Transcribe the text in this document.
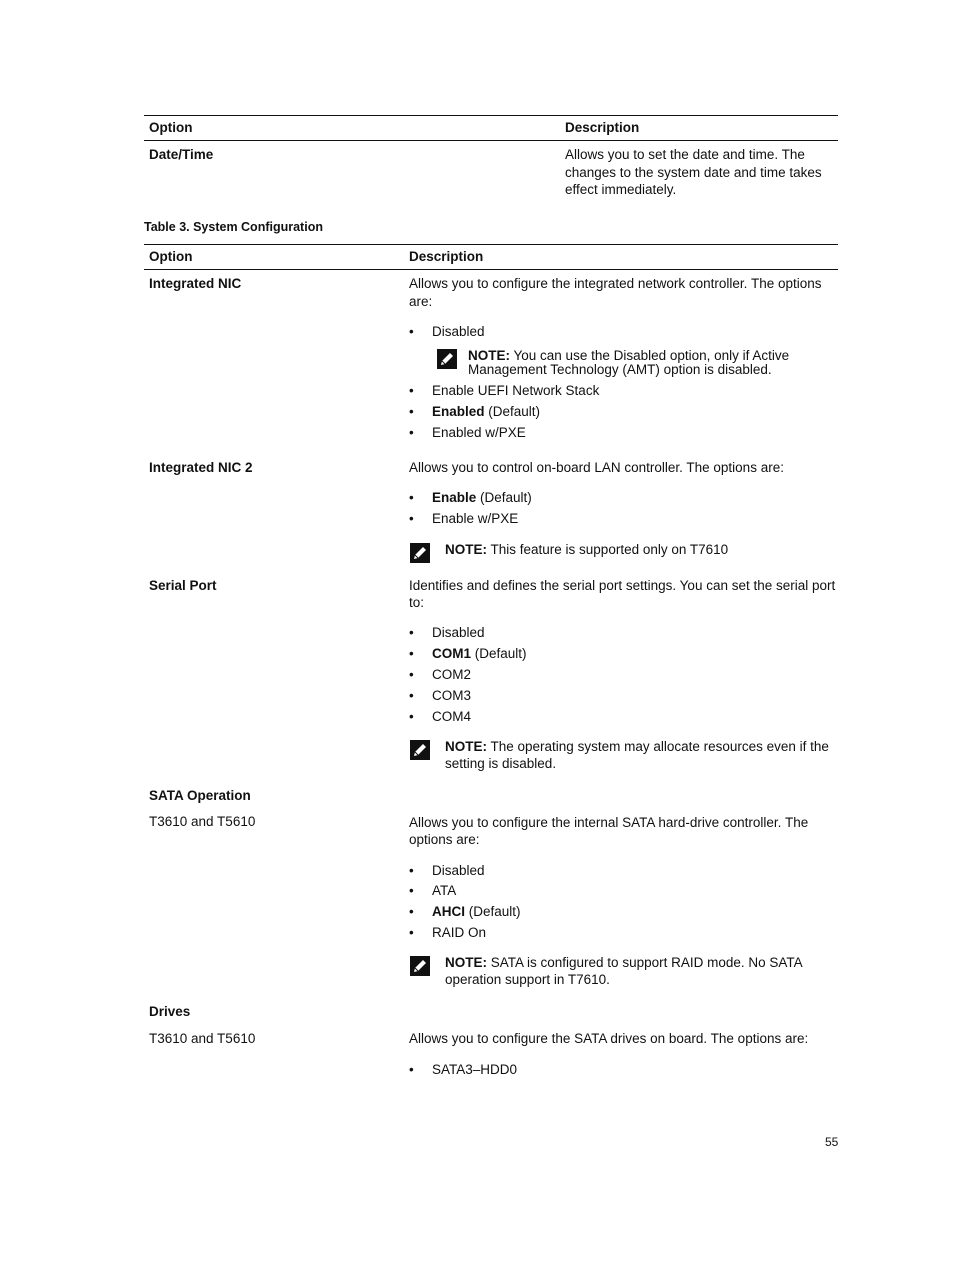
Option	Description
Date/Time	Allows you to set the date and time. The
changes to the system date and time takes
effect immediately.
Table 3. System Configuration
Option	Description
Integrated NIC	Allows you to configure the integrated network controller. The options
are:
• Disabled
NOTE: You can use the Disabled option, only if Active
Management Technology (AMT) option is disabled.
• Enable UEFI Network Stack
• Enabled (Default)
• Enabled w/PXE
Integrated NIC 2	Allows you to control on-board LAN controller. The options are:
• Enable (Default)
• Enable w/PXE
NOTE: This feature is supported only on T7610
Serial Port	Identifies and defines the serial port settings. You can set the serial port
to:
• Disabled
• COM1 (Default)
• COM2
• COM3
• COM4
NOTE: The operating system may allocate resources even if the
setting is disabled.
SATA Operation
T3610 and T5610	Allows you to configure the internal SATA hard-drive controller. The
options are:
• Disabled
• ATA
• AHCI (Default)
• RAID On
NOTE: SATA is configured to support RAID mode. No SATA
operation support in T7610.
Drives
T3610 and T5610	Allows you to configure the SATA drives on board. The options are:
• SATA3–HDD0
55
